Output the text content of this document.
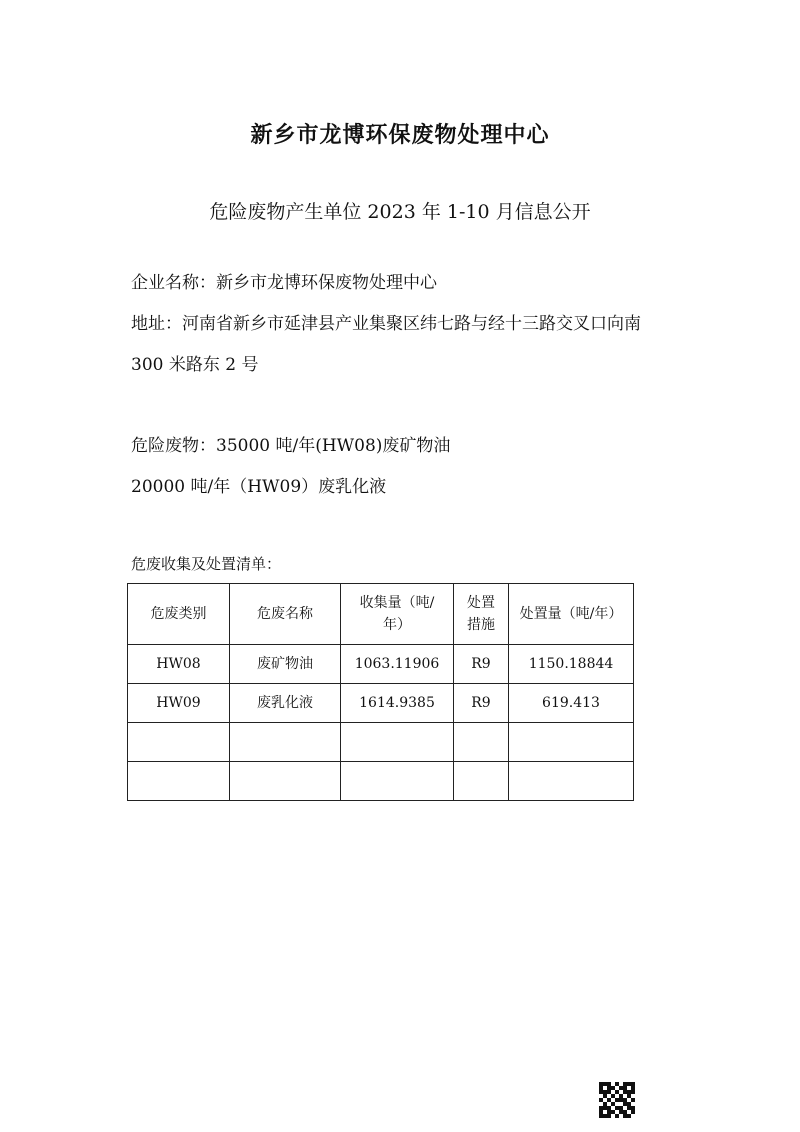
新乡市龙博环保废物处理中心
危险废物产生单位 2023 年 1-10 月信息公开
企业名称：新乡市龙博环保废物处理中心
地址：河南省新乡市延津县产业集聚区纬七路与经十三路交叉口向南
300 米路东 2 号
危险废物：35000 吨/年(HW08)废矿物油
20000 吨/年（HW09）废乳化液
危废收集及处置清单：
危废类别	危废名称	收集量（吨/年）	处置措施	处置量（吨/年）
HW08	废矿物油	1063.11906	R9	1150.18844
HW09	废乳化液	1614.9385	R9	619.413
